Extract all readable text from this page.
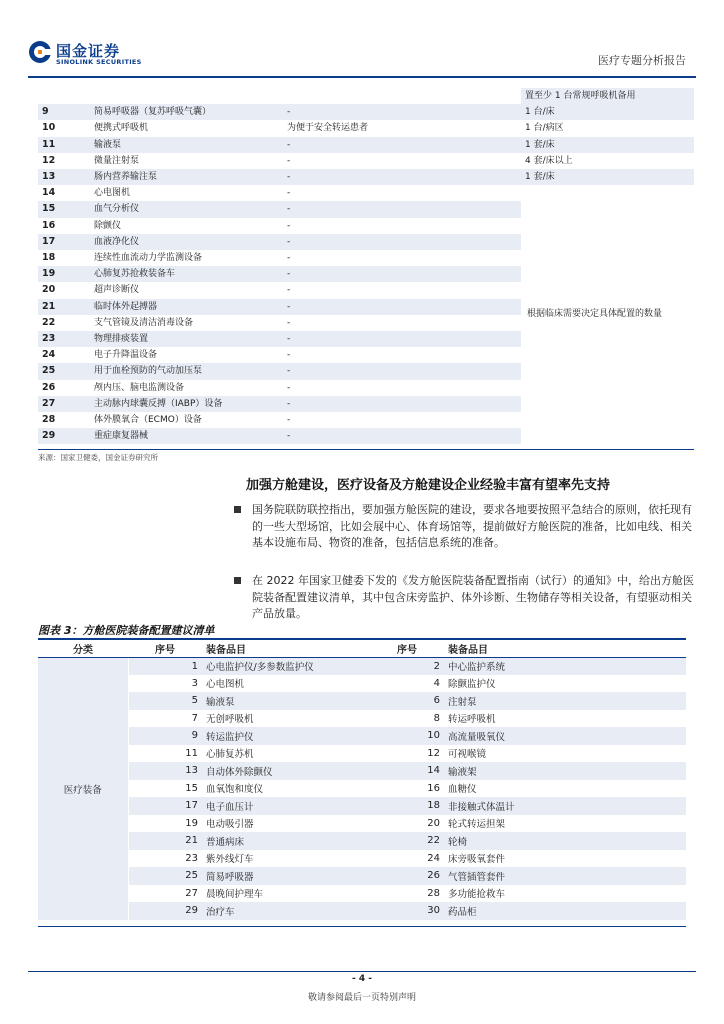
国金证券
SINOLINK SECURITIES	医疗专题分析报告
			置至少 1 台常规呼吸机备用
9	简易呼吸器（复苏呼吸气囊）	-	1 台/床
10	便携式呼吸机	为便于安全转运患者	1 台/病区
11	输液泵	-	1 套/床
12	微量注射泵	-	4 套/床以上
13	肠内营养输注泵	-	1 套/床
14	心电图机	-	根据临床需要决定具体配置的数量
15	血气分析仪	-	
16	除颤仪	-	
17	血液净化仪	-	
18	连续性血流动力学监测设备	-	
19	心肺复苏抢救装备车	-	
20	超声诊断仪	-	
21	临时体外起搏器	-	
22	支气管镜及清洁消毒设备	-	
23	物理排痰装置	-	
24	电子升降温设备	-	
25	用于血栓预防的气动加压泵	-	
26	颅内压、脑电监测设备	-	
27	主动脉内球囊反搏（IABP）设备	-	
28	体外膜氧合（ECMO）设备	-	
29	重症康复器械	-	
来源：国家卫健委，国金证券研究所
加强方舱建设，医疗设备及方舱建设企业经验丰富有望率先支持
国务院联防联控指出，要加强方舱医院的建设，要求各地要按照平急结合的原则，依托现有的一些大型场馆，比如会展中心、体育场馆等，提前做好方舱医院的准备，比如电线、相关基本设施布局、物资的准备，包括信息系统的准备。
在 2022 年国家卫健委下发的《发方舱医院装备配置指南（试行）的通知》中，给出方舱医院装备配置建议清单，其中包含床旁监护、体外诊断、生物储存等相关设备，有望驱动相关产品放量。
图表 3：方舱医院装备配置建议清单
分类	序号	装备品目	序号	装备品目
医疗装备	1	心电监护仪/多参数监护仪	2	中心监护系统
	3	心电图机	4	除颤监护仪
	5	输液泵	6	注射泵
	7	无创呼吸机	8	转运呼吸机
	9	转运监护仪	10	高流量吸氧仪
	11	心肺复苏机	12	可视喉镜
	13	自动体外除颤仪	14	输液架
	15	血氧饱和度仪	16	血糖仪
	17	电子血压计	18	非接触式体温计
	19	电动吸引器	20	轮式转运担架
	21	普通病床	22	轮椅
	23	紫外线灯车	24	床旁吸氧套件
	25	简易呼吸器	26	气管插管套件
	27	晨晚间护理车	28	多功能抢救车
	29	治疗车	30	药品柜
- 4 -
敬请参阅最后一页特别声明
